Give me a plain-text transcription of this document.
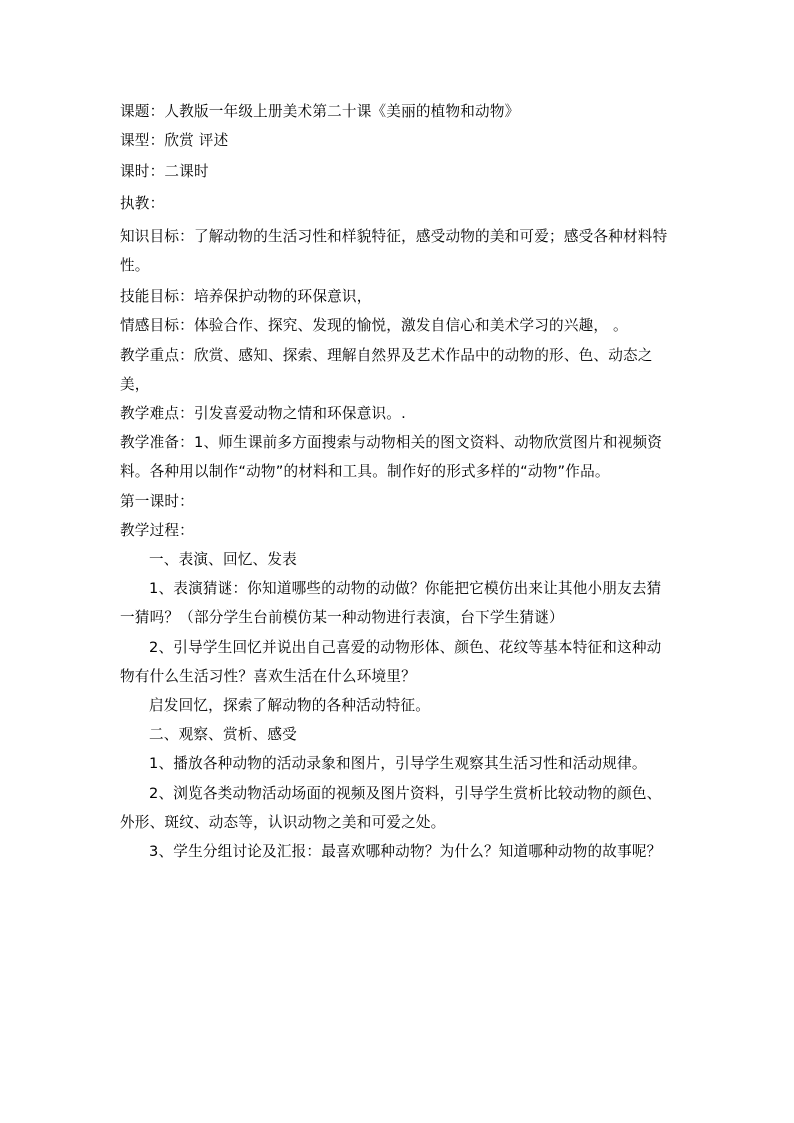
课题：人教版一年级上册美术第二十课《美丽的植物和动物》

课型：欣赏 评述

课时：二课时

执教：

知识目标：了解动物的生活习性和样貌特征，感受动物的美和可爱；感受各种材料特性。

技能目标：培养保护动物的环保意识，

情感目标：体验合作、探究、发现的愉悦，激发自信心和美术学习的兴趣， 。

教学重点：欣赏、感知、探索、理解自然界及艺术作品中的动物的形、色、动态之美，

教学难点：引发喜爱动物之情和环保意识。.

教学准备：1、师生课前多方面搜索与动物相关的图文资料、动物欣赏图片和视频资料。各种用以制作“动物”的材料和工具。制作好的形式多样的“动物”作品。

第一课时：

教学过程：

一、表演、回忆、发表

1、表演猜谜：你知道哪些的动物的动做？你能把它模仿出来让其他小朋友去猜一猜吗？（部分学生台前模仿某一种动物进行表演，台下学生猜谜）

2、引导学生回忆并说出自己喜爱的动物形体、颜色、花纹等基本特征和这种动物有什么生活习性？喜欢生活在什么环境里？

启发回忆，探索了解动物的各种活动特征。

二、观察、赏析、感受

1、播放各种动物的活动录象和图片，引导学生观察其生活习性和活动规律。

2、浏览各类动物活动场面的视频及图片资料，引导学生赏析比较动物的颜色、外形、斑纹、动态等，认识动物之美和可爱之处。

3、学生分组讨论及汇报：最喜欢哪种动物？为什么？知道哪种动物的故事呢？
